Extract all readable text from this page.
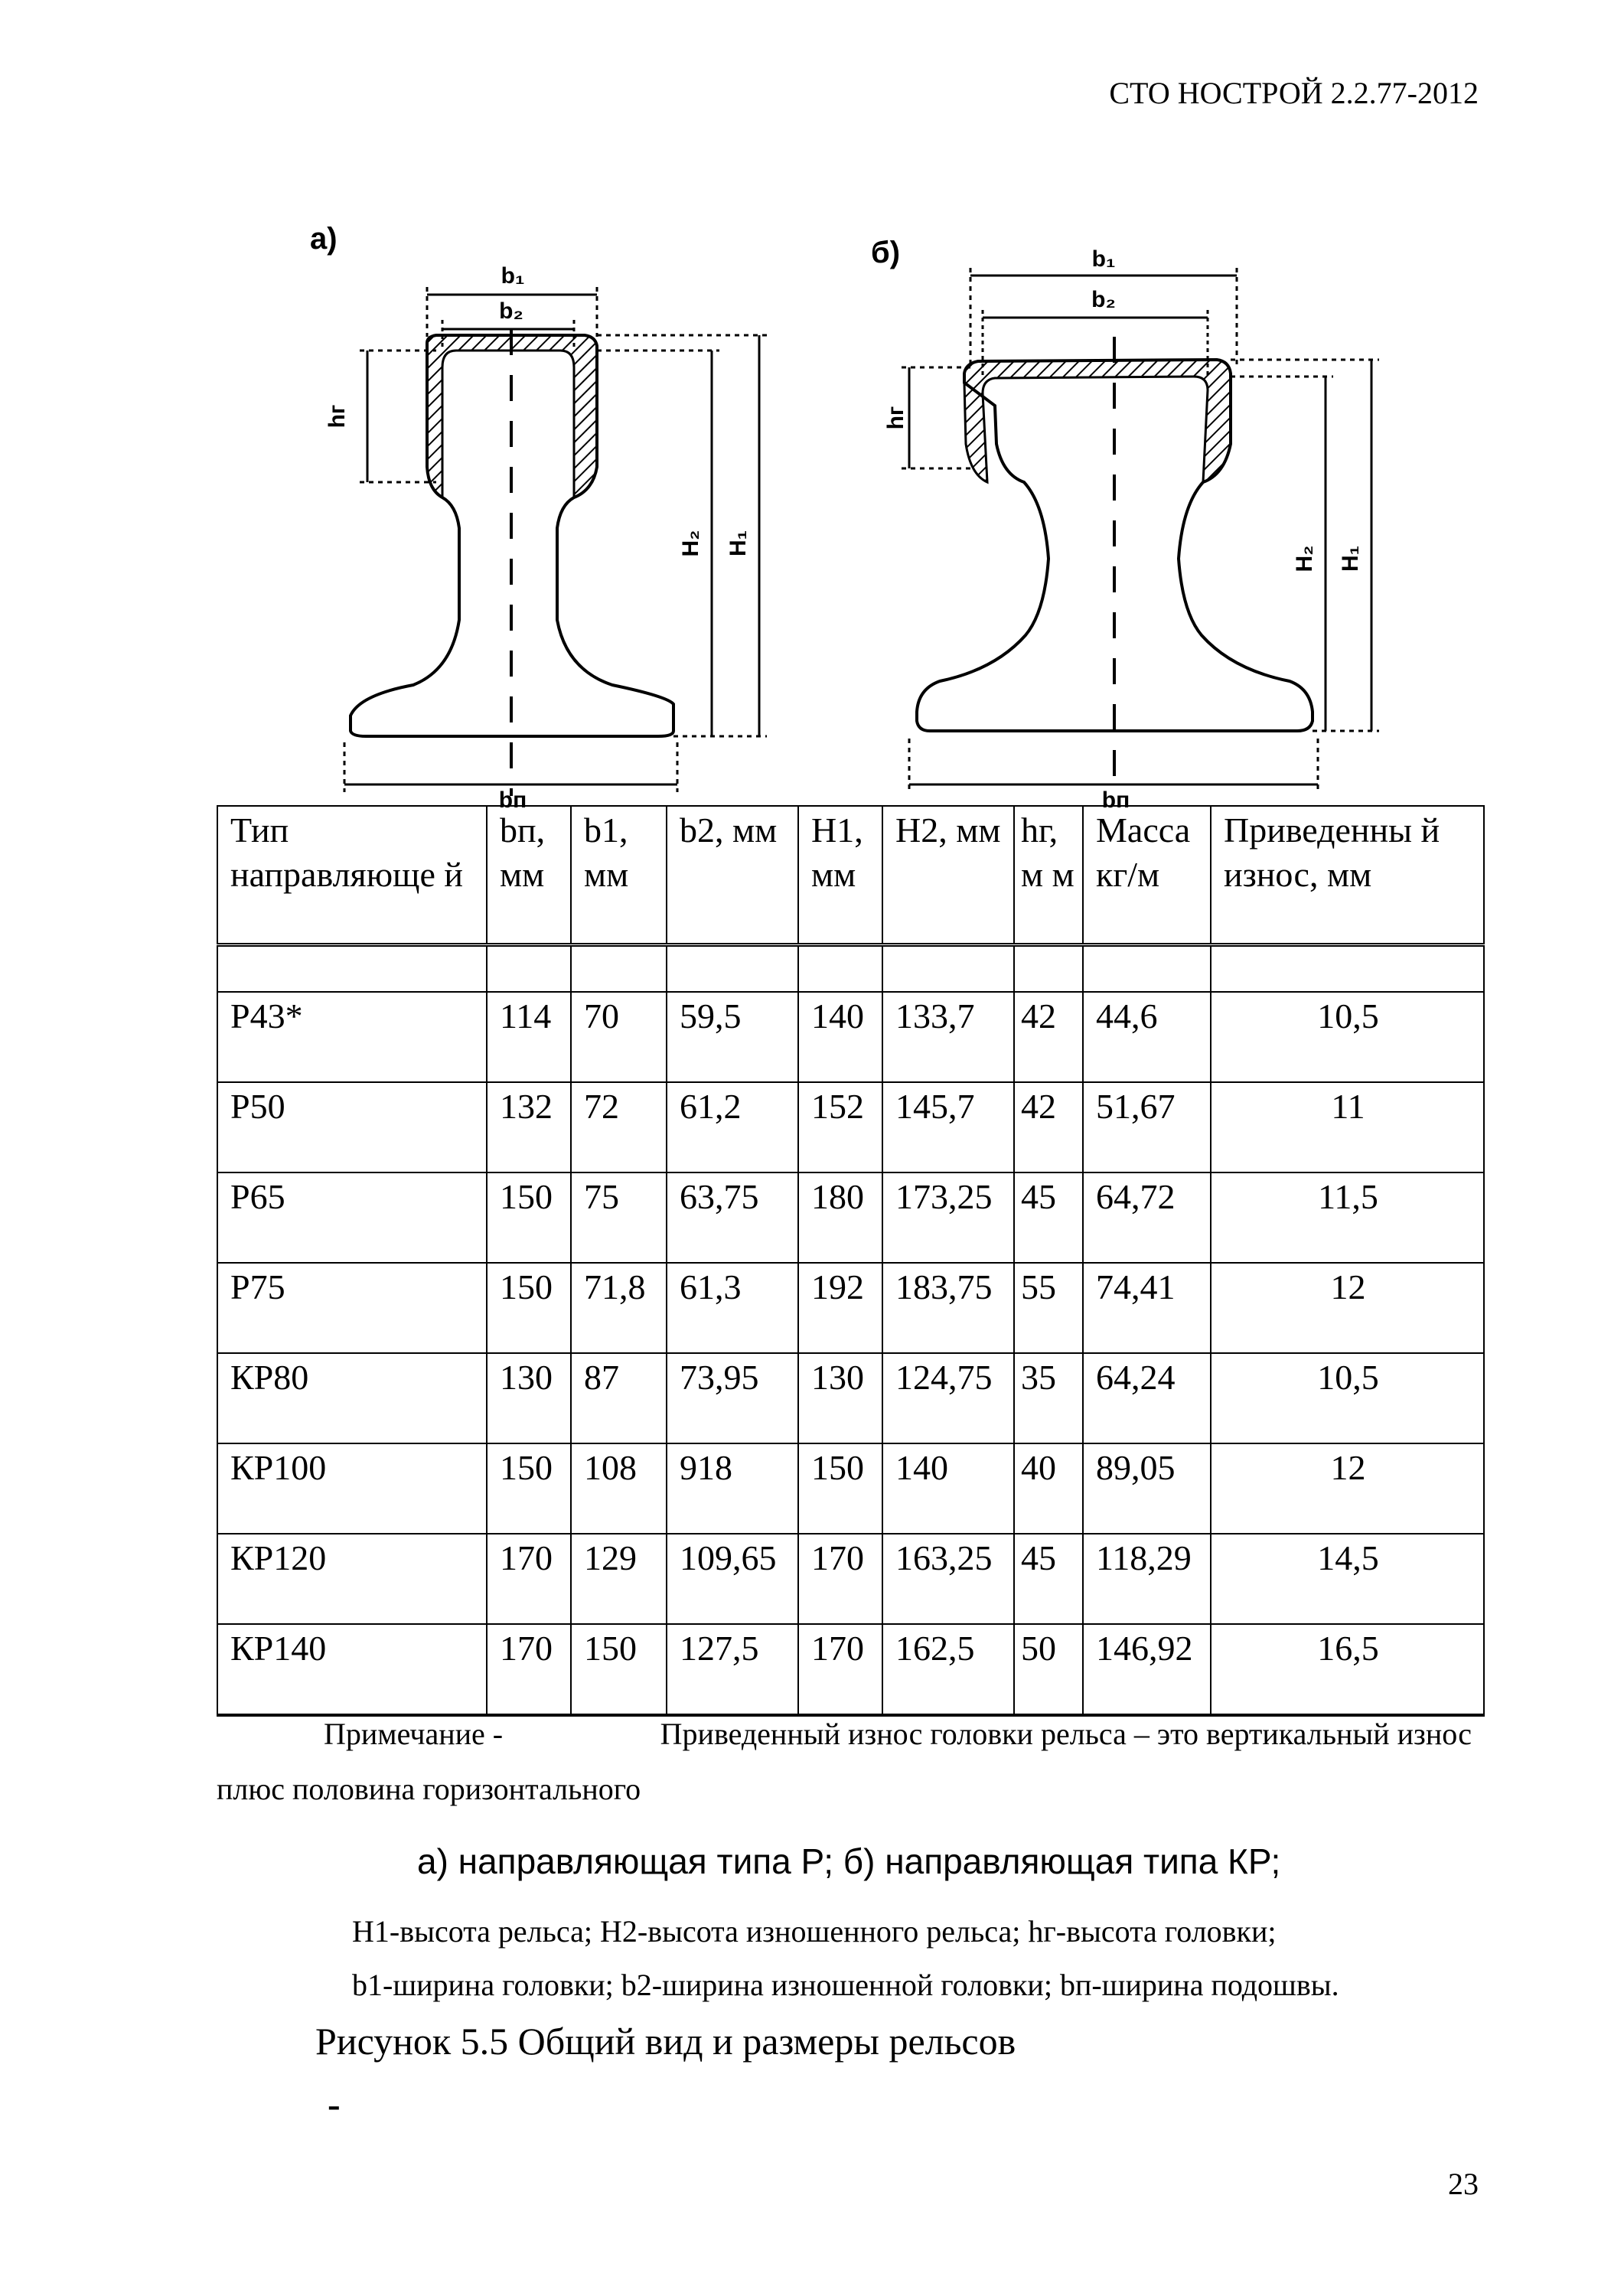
СТО НОСТРОЙ 2.2.77-2012
а)
b₁
b₂
hг
H₂ H₁
bп
б)	b₁
b₂
hг
H₂ H₁
bп
Тип направляюще й	bп, мм	b1, мм	b2, мм	H1, мм	H2, мм	hг, м м	Масса кг/м	Приведенны й износ, мм

Р43*	114	70	59,5	140	133,7	42	44,6	10,5
Р50	132	72	61,2	152	145,7	42	51,67	11
Р65	150	75	63,75	180	173,25	45	64,72	11,5
Р75	150	71,8	61,3	192	183,75	55	74,41	12
КР80	130	87	73,95	130	124,75	35	64,24	10,5
КР100	150	108	918	150	140	40	89,05	12
КР120	170	129	109,65	170	163,25	45	118,29	14,5
КР140	170	150	127,5	170	162,5	50	146,92	16,5
Примечание -	Приведенный износ головки рельса – это вертикальный износ
плюс половина горизонтального
а) направляющая типа Р; б) направляющая типа КР;
H1-высота рельса; H2-высота изношенного рельса; hг-высота головки;
b1-ширина головки; b2-ширина изношенной головки; bп-ширина подошвы.
Рисунок 5.5 Общий вид и размеры рельсов
-
23
